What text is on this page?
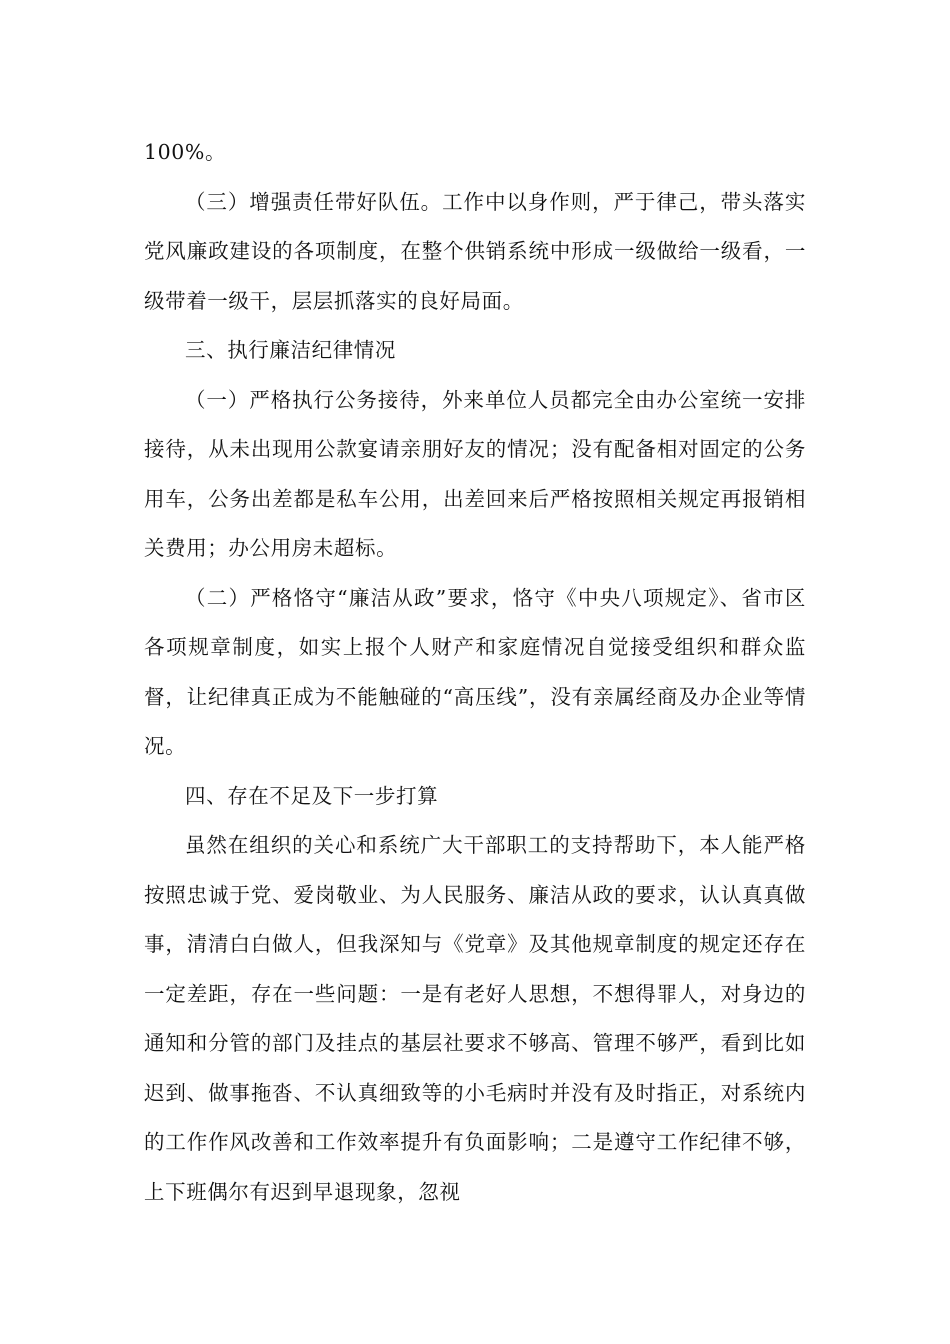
100%。

（三）增强责任带好队伍。工作中以身作则，严于律己，带头落实党风廉政建设的各项制度，在整个供销系统中形成一级做给一级看，一级带着一级干，层层抓落实的良好局面。

三、执行廉洁纪律情况

（一）严格执行公务接待，外来单位人员都完全由办公室统一安排接待，从未出现用公款宴请亲朋好友的情况；没有配备相对固定的公务用车，公务出差都是私车公用，出差回来后严格按照相关规定再报销相关费用；办公用房未超标。

（二）严格恪守“廉洁从政”要求，恪守《中央八项规定》、省市区各项规章制度，如实上报个人财产和家庭情况自觉接受组织和群众监督，让纪律真正成为不能触碰的“高压线”，没有亲属经商及办企业等情况。

四、存在不足及下一步打算

虽然在组织的关心和系统广大干部职工的支持帮助下，本人能严格按照忠诚于党、爱岗敬业、为人民服务、廉洁从政的要求，认认真真做事，清清白白做人，但我深知与《党章》及其他规章制度的规定还存在一定差距，存在一些问题：一是有老好人思想，不想得罪人，对身边的通知和分管的部门及挂点的基层社要求不够高、管理不够严，看到比如迟到、做事拖沓、不认真细致等的小毛病时并没有及时指正，对系统内的工作作风改善和工作效率提升有负面影响；二是遵守工作纪律不够，上下班偶尔有迟到早退现象，忽视
